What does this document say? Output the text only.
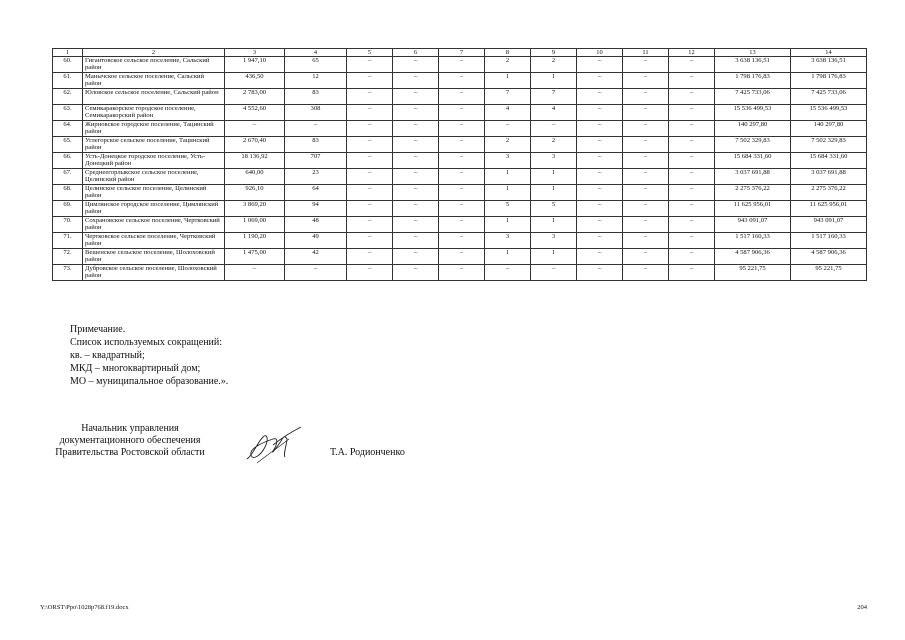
1	2	3	4	5	6	7	8	9	10	11	12	13	14
60.	Гигантовское сельское поселение, Сальский район	1 947,10	65	–	–	–	2	2	–	–	–	3 638 136,51	3 638 136,51
61.	Манычское сельское поселение, Сальский район	436,50	12	–	–	–	1	1	–	–	–	1 798 176,83	1 798 176,83
62.	Юловское сельское поселение, Сальский район	2 783,00	83	–	–	–	7	7	–	–	–	7 425 733,06	7 425 733,06
63.	Семикаракорское городское поселение, Семикаракорский район	4 552,60	308	–	–	–	4	4	–	–	–	15 536 499,53	15 536 499,53
64.	Жирновское городское поселение, Тацинский район	–	–	–	–	–	–	–	–	–	–	140 297,80	140 297,80
65.	Углегорское сельское поселение, Тацинский район	2 670,40	83	–	–	–	2	2	–	–	–	7 502 329,83	7 502 329,83
66.	Усть-Донецкое городское поселение, Усть-Донецкий район	18 136,92	707	–	–	–	3	3	–	–	–	15 684 331,60	15 684 331,60
67.	Среднеегорлыкское сельское поселение, Целинский район	640,00	23	–	–	–	1	1	–	–	–	3 037 691,88	3 037 691,88
68.	Целинское сельское поселение, Целинский район	926,10	64	–	–	–	1	1	–	–	–	2 275 376,22	2 275 376,22
69.	Цимлянское городское поселение, Цимлянский район	3 869,20	94	–	–	–	5	5	–	–	–	11 625 956,01	11 625 956,01
70.	Сохрановское сельское поселение, Чертковский район	1 069,00	48	–	–	–	1	1	–	–	–	943 091,07	943 091,07
71.	Чертковское сельское поселение, Чертковский район	1 190,20	49	–	–	–	3	3	–	–	–	1 517 160,33	1 517 160,33
72.	Вешенское сельское поселение, Шолоховский район	1 475,00	42	–	–	–	1	1	–	–	–	4 587 906,36	4 587 906,36
73.	Дубровское сельское поселение, Шолоховский район	–	–	–	–	–	–	–	–	–	–	95 221,75	95 221,75
Примечание.
Список используемых сокращений:
кв. – квадратный;
МКД – многоквартирный дом;
МО – муниципальное образование.».
Начальник управления
документационного обеспечения
Правительства Ростовской области	Т.А. Родионченко
Y:\ORST\Ppo\1028p768.f19.docx	204
